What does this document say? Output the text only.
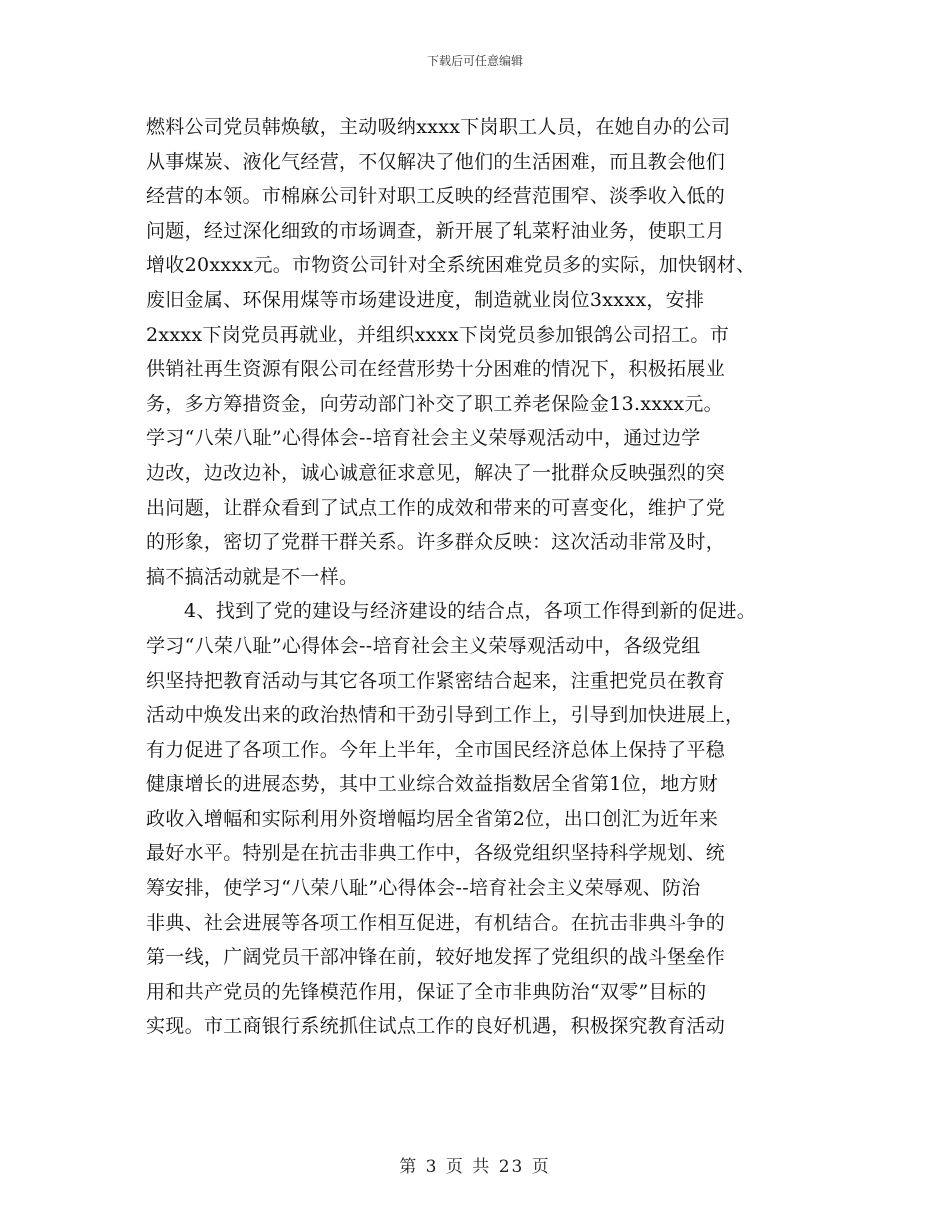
下载后可任意编辑
燃料公司党员韩焕敏，主动吸纳xxxx下岗职工人员，在她自办的公司
从事煤炭、液化气经营，不仅解决了他们的生活困难，而且教会他们
经营的本领。市棉麻公司针对职工反映的经营范围窄、淡季收入低的
问题，经过深化细致的市场调查，新开展了轧菜籽油业务，使职工月
增收20xxxx元。市物资公司针对全系统困难党员多的实际，加快钢材、
废旧金属、环保用煤等市场建设进度，制造就业岗位3xxxx，安排
2xxxx下岗党员再就业，并组织xxxx下岗党员参加银鸽公司招工。市
供销社再生资源有限公司在经营形势十分困难的情况下，积极拓展业
务，多方筹措资金，向劳动部门补交了职工养老保险金13.xxxx元。
学习“八荣八耻”心得体会--培育社会主义荣辱观活动中，通过边学
边改，边改边补，诚心诚意征求意见，解决了一批群众反映强烈的突
出问题，让群众看到了试点工作的成效和带来的可喜变化，维护了党
的形象，密切了党群干群关系。许多群众反映：这次活动非常及时，
搞不搞活动就是不一样。
4、找到了党的建设与经济建设的结合点，各项工作得到新的促进。
学习“八荣八耻”心得体会--培育社会主义荣辱观活动中，各级党组
织坚持把教育活动与其它各项工作紧密结合起来，注重把党员在教育
活动中焕发出来的政治热情和干劲引导到工作上，引导到加快进展上，
有力促进了各项工作。今年上半年，全市国民经济总体上保持了平稳
健康增长的进展态势，其中工业综合效益指数居全省第1位，地方财
政收入增幅和实际利用外资增幅均居全省第2位，出口创汇为近年来
最好水平。特别是在抗击非典工作中，各级党组织坚持科学规划、统
筹安排，使学习“八荣八耻”心得体会--培育社会主义荣辱观、防治
非典、社会进展等各项工作相互促进，有机结合。在抗击非典斗争的
第一线，广阔党员干部冲锋在前，较好地发挥了党组织的战斗堡垒作
用和共产党员的先锋模范作用，保证了全市非典防治“双零”目标的
实现。市工商银行系统抓住试点工作的良好机遇，积极探究教育活动
第 3 页 共 23 页
